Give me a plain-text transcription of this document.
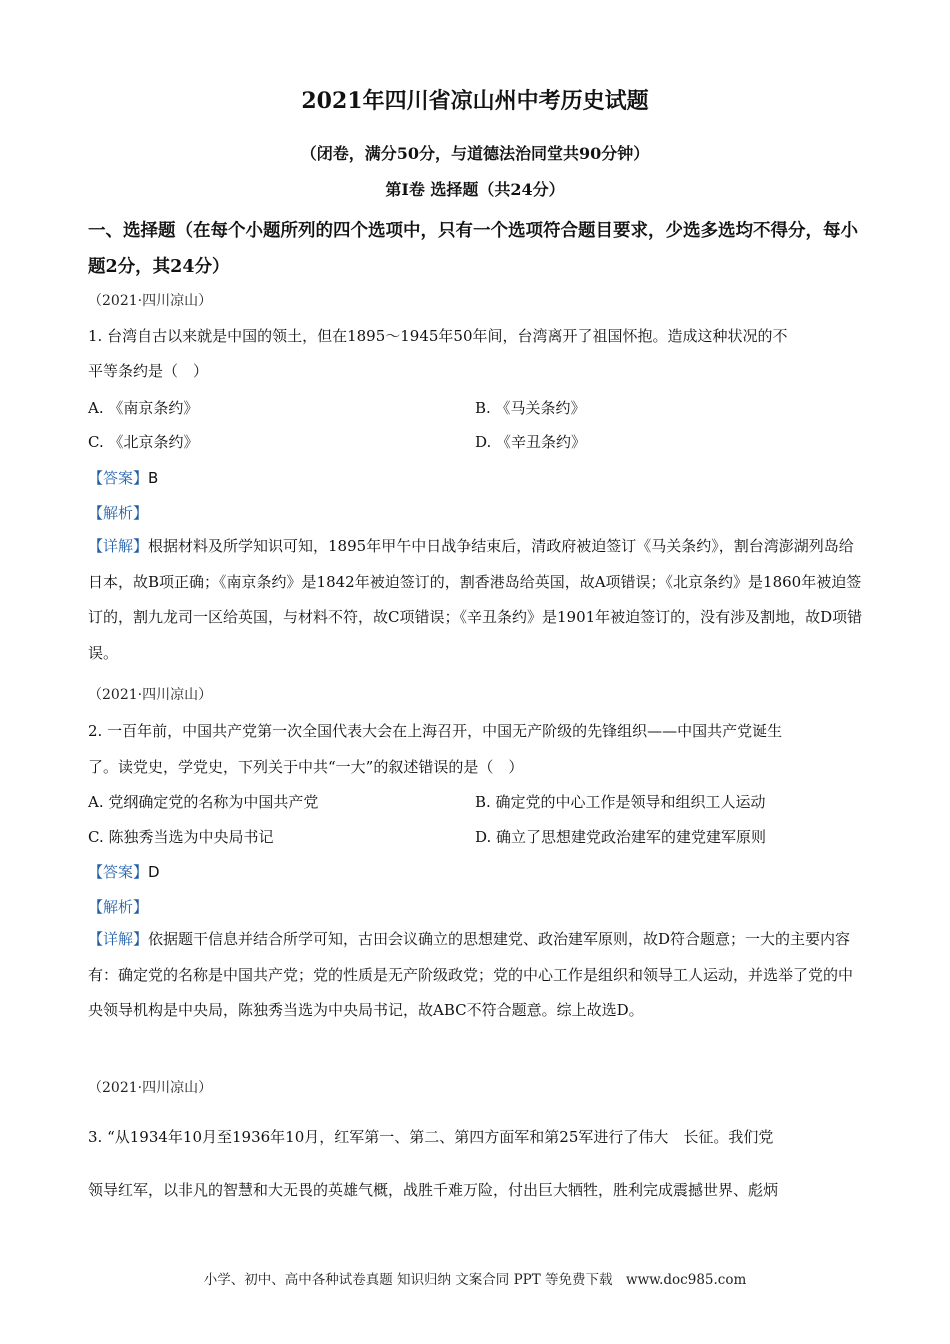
2021年四川省凉山州中考历史试题
（闭卷，满分50分，与道德法治同堂共90分钟）
第Ⅰ卷 选择题（共24分）
一、选择题（在每个小题所列的四个选项中，只有一个选项符合题目要求，少选多选均不得分，每小题2分，其24分）
（2021·四川凉山）
1. 台湾自古以来就是中国的领土，但在1895～1945年50年间，台湾离开了祖国怀抱。造成这种状况的不
平等条约是（　）
A. 《南京条约》	B. 《马关条约》
C. 《北京条约》	D. 《辛丑条约》
【答案】B
【解析】
【详解】根据材料及所学知识可知，1895年甲午中日战争结束后，清政府被迫签订《马关条约》，割台湾澎湖列岛给日本，故B项正确；《南京条约》是1842年被迫签订的，割香港岛给英国，故A项错误；《北京条约》是1860年被迫签订的，割九龙司一区给英国，与材料不符，故C项错误；《辛丑条约》是1901年被迫签订的，没有涉及割地，故D项错误。
（2021·四川凉山）
2. 一百年前，中国共产党第一次全国代表大会在上海召开，中国无产阶级的先锋组织——中国共产党诞生
了。读党史，学党史，下列关于中共“一大”的叙述错误的是（　）
A. 党纲确定党的名称为中国共产党	B. 确定党的中心工作是领导和组织工人运动
C. 陈独秀当选为中央局书记	D. 确立了思想建党政治建军的建党建军原则
【答案】D
【解析】
【详解】依据题干信息并结合所学可知，古田会议确立的思想建党、政治建军原则，故D符合题意；一大的主要内容有：确定党的名称是中国共产党；党的性质是无产阶级政党；党的中心工作是组织和领导工人运动，并选举了党的中央领导机构是中央局，陈独秀当选为中央局书记，故ABC不符合题意。综上故选D。
（2021·四川凉山）
3. “从1934年10月至1936年10月，红军第一、第二、第四方面军和第25军进行了伟大　长征。我们党
领导红军，以非凡的智慧和大无畏的英雄气概，战胜千难万险，付出巨大牺牲，胜利完成震撼世界、彪炳
小学、初中、高中各种试卷真题 知识归纳 文案合同 PPT 等免费下载　www.doc985.com
